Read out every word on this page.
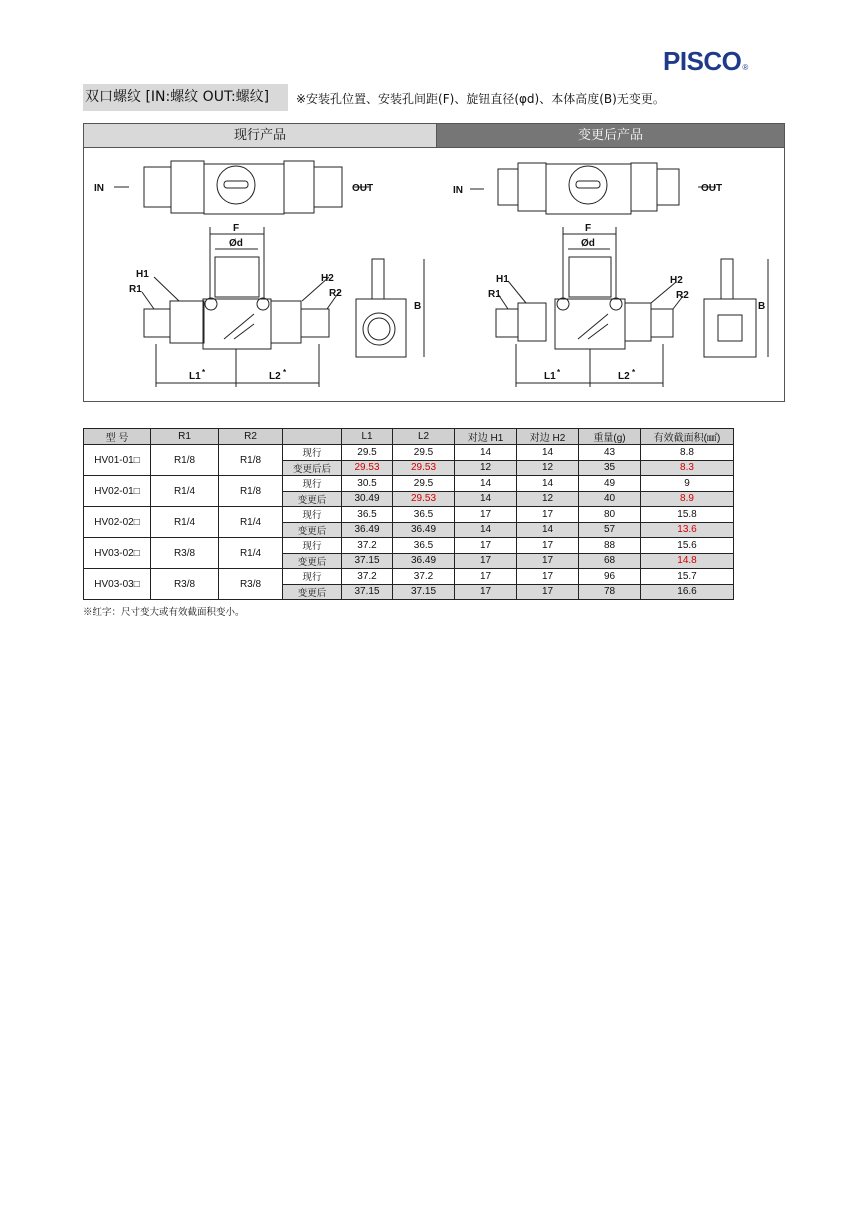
PISCO®
双口螺纹 [IN:螺纹 OUT:螺纹]	※安装孔位置、安装孔间距(F)、旋钮直径(φd)、本体高度(B)无变更。
现行产品	变更后产品
IN	OUT
F
Ød
H1
R1
H2
R2
B
L1 *	L2 *
IN	OUT
F
Ød
H1
R1
H2
R2
B
L1 *	L2 *
型 号	R1	R2		L1	L2	对边 H1	对边 H2	重量(g)	有效截面积(㎟)
HV01-01□	R1/8	R1/8	现行	29.5	29.5	14	14	43	8.8
			变更后后	29.53	29.53	12	12	35	8.3
HV02-01□	R1/4	R1/8	现行	30.5	29.5	14	14	49	9
			变更后	30.49	29.53	14	12	40	8.9
HV02-02□	R1/4	R1/4	现行	36.5	36.5	17	17	80	15.8
			变更后	36.49	36.49	14	14	57	13.6
HV03-02□	R3/8	R1/4	现行	37.2	36.5	17	17	88	15.6
			变更后	37.15	36.49	17	17	68	14.8
HV03-03□	R3/8	R3/8	现行	37.2	37.2	17	17	96	15.7
			变更后	37.15	37.15	17	17	78	16.6
※红字：尺寸变大或有效截面积变小。
